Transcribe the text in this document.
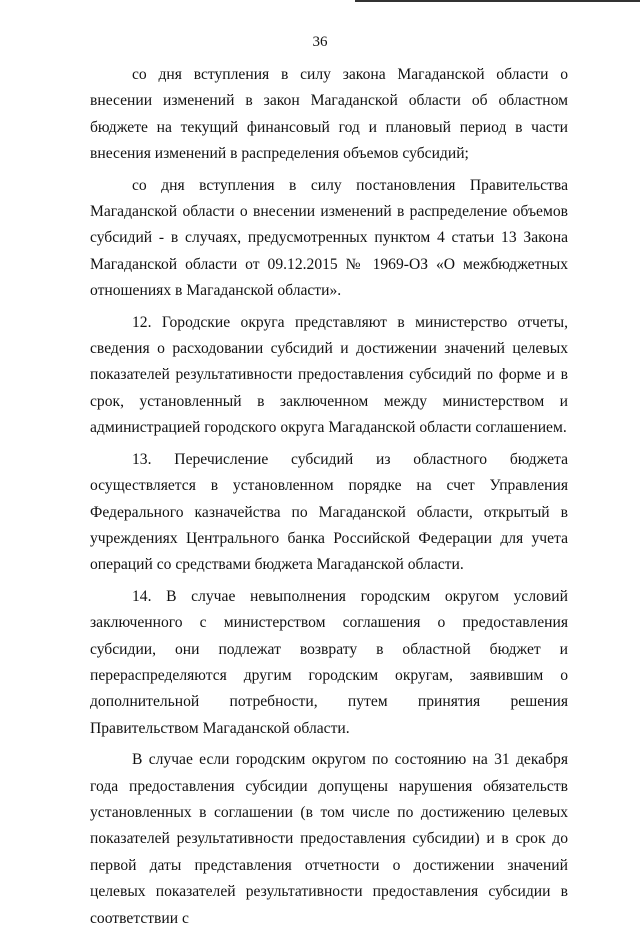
36

со дня вступления в силу закона Магаданской области о внесении изменений в закон Магаданской области об областном бюджете на текущий финансовый год и плановый период в части внесения изменений в распределения объемов субсидий;

со дня вступления в силу постановления Правительства Магаданской области о внесении изменений в распределение объемов субсидий - в случаях, предусмотренных пунктом 4 статьи 13 Закона Магаданской области от 09.12.2015 № 1969-ОЗ «О межбюджетных отношениях в Магаданской области».

12. Городские округа представляют в министерство отчеты, сведения о расходовании субсидий и достижении значений целевых показателей результативности предоставления субсидий по форме и в срок, установленный в заключенном между министерством и администрацией городского округа Магаданской области соглашением.

13. Перечисление субсидий из областного бюджета осуществляется в установленном порядке на счет Управления Федерального казначейства по Магаданской области, открытый в учреждениях Центрального банка Российской Федерации для учета операций со средствами бюджета Магаданской области.

14. В случае невыполнения городским округом условий заключенного с министерством соглашения о предоставления субсидии, они подлежат возврату в областной бюджет и перераспределяются другим городским округам, заявившим о дополнительной потребности, путем принятия решения Правительством Магаданской области.

В случае если городским округом по состоянию на 31 декабря года предоставления субсидии допущены нарушения обязательств установленных в соглашении (в том числе по достижению целевых показателей результативности предоставления субсидии) и в срок до первой даты представления отчетности о достижении значений целевых показателей результативности предоставления субсидии в соответствии с
